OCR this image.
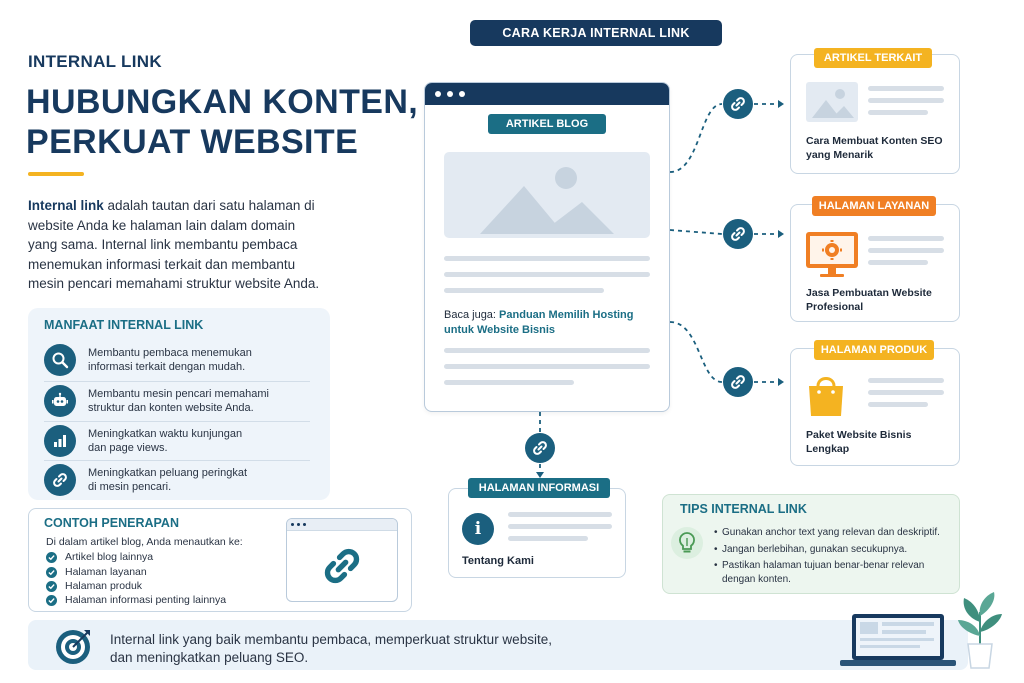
INTERNAL LINK
HUBUNGKAN KONTEN,
PERKUAT WEBSITE
Internal link adalah tautan dari satu halaman di website Anda ke halaman lain dalam domain yang sama. Internal link membantu pembaca menemukan informasi terkait dan membantu mesin pencari memahami struktur website Anda.
MANFAAT INTERNAL LINK
Membantu pembaca menemukan
informasi terkait dengan mudah.
Membantu mesin pencari memahami
struktur dan konten website Anda.
Meningkatkan waktu kunjungan
dan page views.
Meningkatkan peluang peringkat
di mesin pencari.
CONTOH PENERAPAN
Di dalam artikel blog, Anda menautkan ke:
Artikel blog lainnya
Halaman layanan
Halaman produk
Halaman informasi penting lainnya
Internal link yang baik membantu pembaca, memperkuat struktur website,
dan meningkatkan peluang SEO.
CARA KERJA INTERNAL LINK
ARTIKEL BLOG
Baca juga: Panduan Memilih Hosting untuk Website Bisnis
HALAMAN INFORMASI
i
Tentang Kami
ARTIKEL TERKAIT
Cara Membuat Konten SEO
yang Menarik
HALAMAN LAYANAN
Jasa Pembuatan Website
Profesional
HALAMAN PRODUK
Paket Website Bisnis
Lengkap
TIPS INTERNAL LINK
• Gunakan anchor text yang relevan dan deskriptif.
• Jangan berlebihan, gunakan secukupnya.
• Pastikan halaman tujuan benar-benar relevan dengan konten.
